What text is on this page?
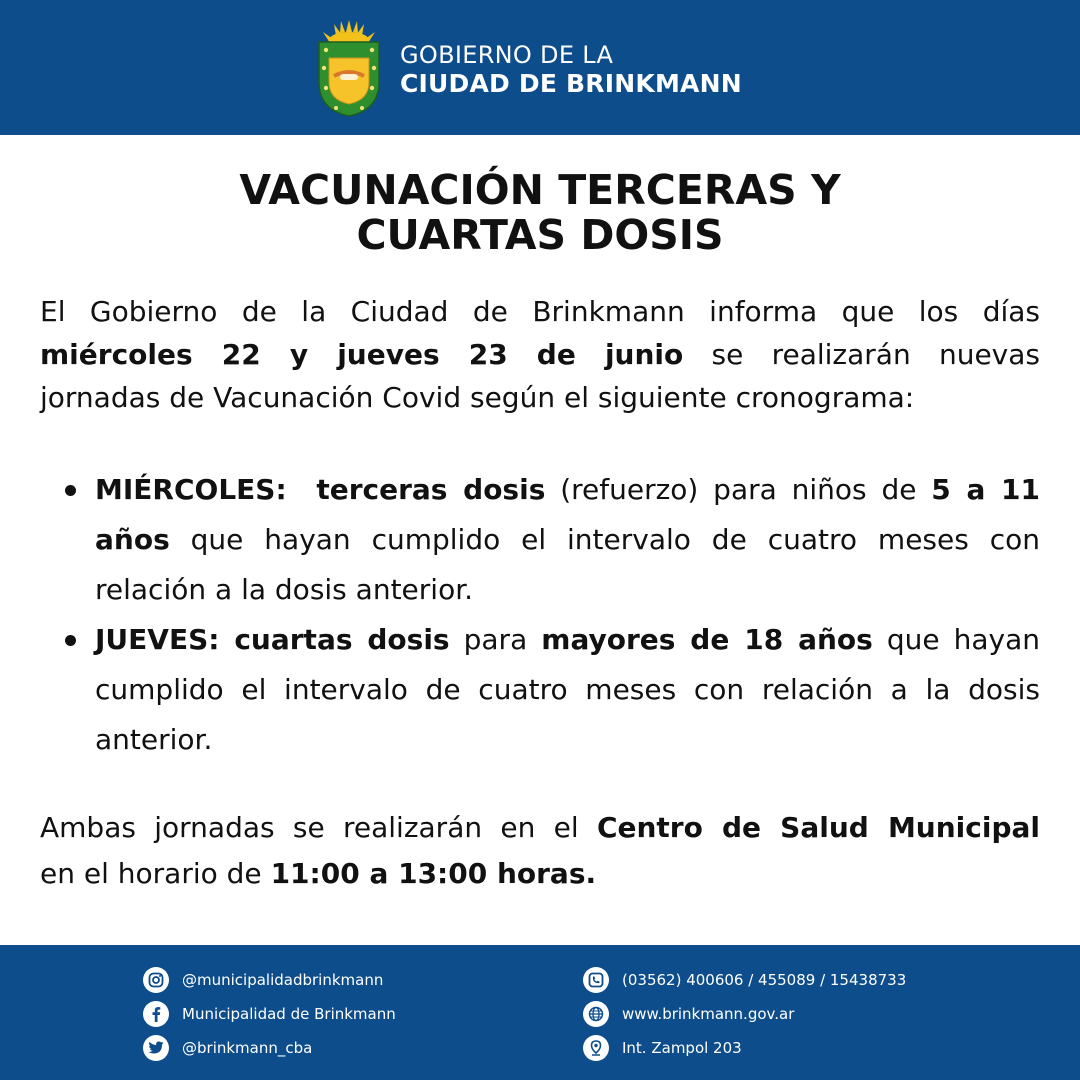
GOBIERNO DE LA
CIUDAD DE BRINKMANN
VACUNACIÓN TERCERAS Y
CUARTAS DOSIS
El Gobierno de la Ciudad de Brinkmann informa que los días
miércoles 22 y jueves 23 de junio se realizarán nuevas
jornadas de Vacunación Covid según el siguiente cronograma:
MIÉRCOLES: terceras dosis (refuerzo) para niños de 5 a 11
años que hayan cumplido el intervalo de cuatro meses con
relación a la dosis anterior.
JUEVES: cuartas dosis para mayores de 18 años que hayan
cumplido el intervalo de cuatro meses con relación a la dosis
anterior.
Ambas jornadas se realizarán en el Centro de Salud Municipal
en el horario de 11:00 a 13:00 horas.
@municipalidadbrinkmann
Municipalidad de Brinkmann
@brinkmann_cba
(03562) 400606 / 455089 / 15438733
www.brinkmann.gov.ar
Int. Zampol 203
